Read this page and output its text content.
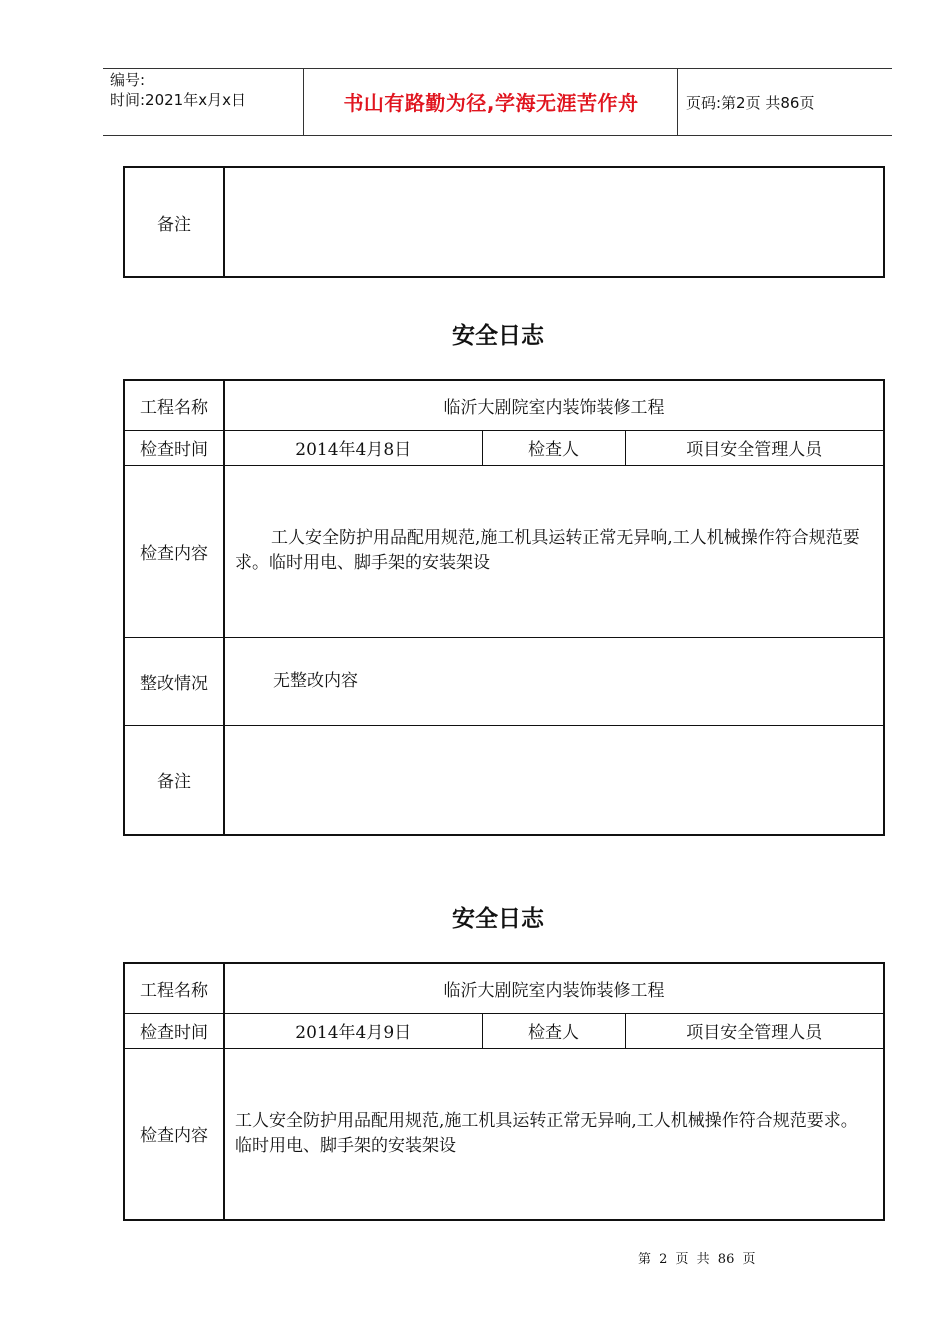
编号:
时间:2021年x月x日	书山有路勤为径,学海无涯苦作舟	页码:第2页 共86页
备注	
安全日志
工程名称	临沂大剧院室内装饰装修工程		
检查时间	2014年4月8日	检查人	项目安全管理人员
检查内容	工人安全防护用品配用规范,施工机具运转正常无异响,工人机械操作符合规范要求。临时用电、脚手架的安装架设		
整改情况	无整改内容		
备注			
安全日志
工程名称	临沂大剧院室内装饰装修工程		
检查时间	2014年4月9日	检查人	项目安全管理人员
检查内容	工人安全防护用品配用规范,施工机具运转正常无异响,工人机械操作符合规范要求。临时用电、脚手架的安装架设		
第 2 页 共 86 页
